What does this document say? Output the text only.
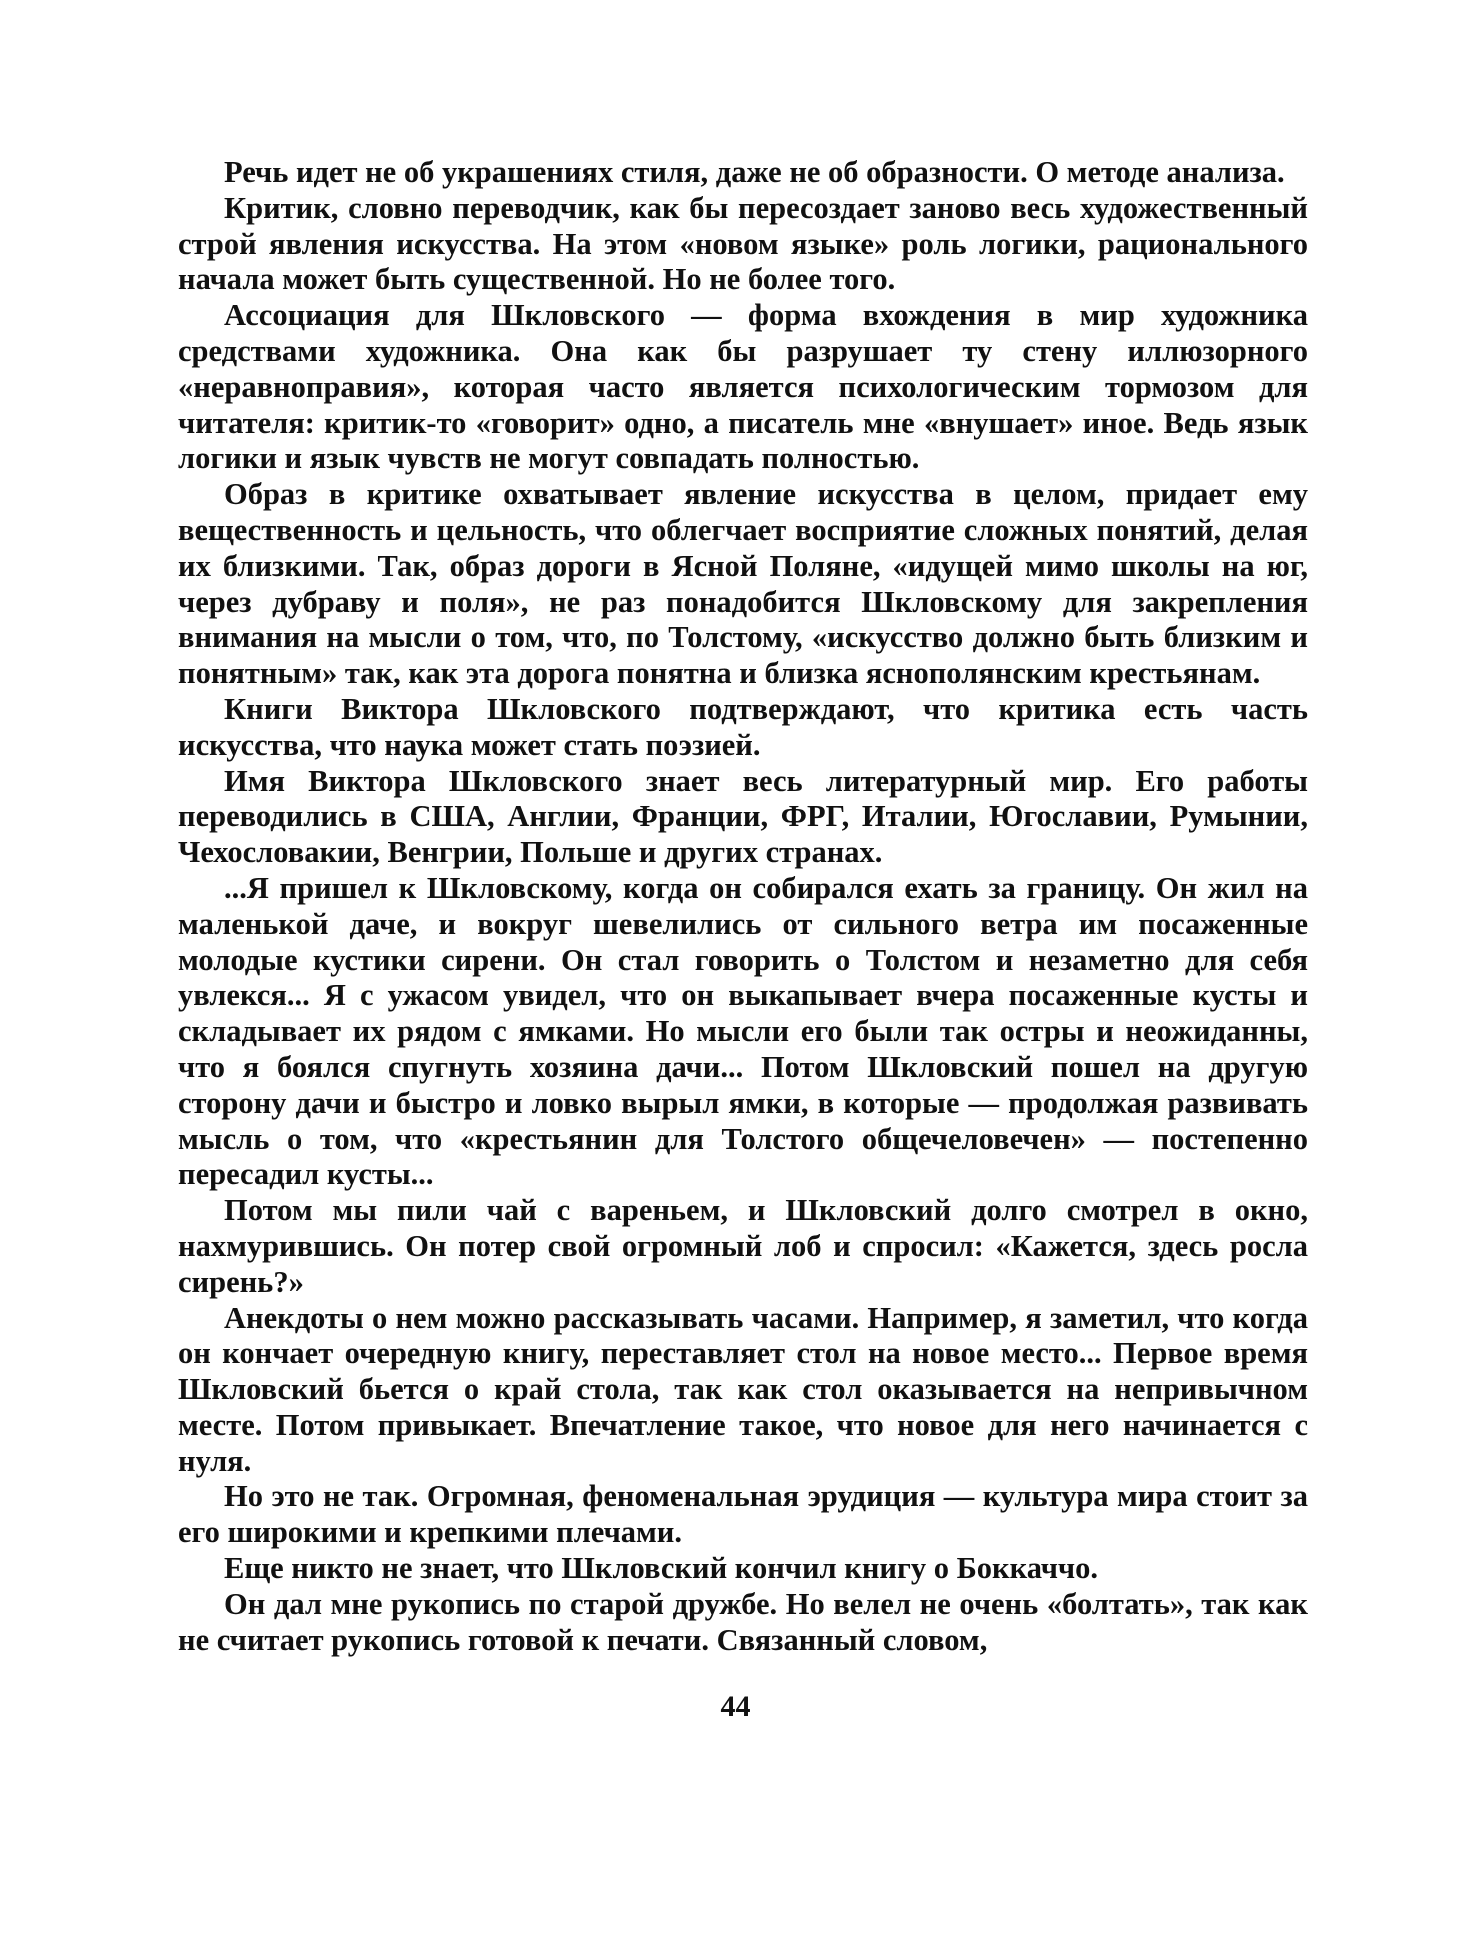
Речь идет не об украшениях стиля, даже не об образности. О методе анализа.

Критик, словно переводчик, как бы пересоздает заново весь художественный строй явления искусства. На этом «новом языке» роль логики, рационального начала может быть существенной. Но не более того.

Ассоциация для Шкловского — форма вхождения в мир художника средствами художника. Она как бы разрушает ту стену иллюзорного «неравноправия», которая часто является психологическим тормозом для читателя: критик-то «говорит» одно, а писатель мне «внушает» иное. Ведь язык логики и язык чувств не могут совпадать полностью.

Образ в критике охватывает явление искусства в целом, придает ему вещественность и цельность, что облегчает восприятие сложных понятий, делая их близкими. Так, образ дороги в Ясной Поляне, «идущей мимо школы на юг, через дубраву и поля», не раз понадобится Шкловскому для закрепления внимания на мысли о том, что, по Толстому, «искусство должно быть близким и понятным» так, как эта дорога понятна и близка яснополянским крестьянам.

Книги Виктора Шкловского подтверждают, что критика есть часть искусства, что наука может стать поэзией.

Имя Виктора Шкловского знает весь литературный мир. Его работы переводились в США, Англии, Франции, ФРГ, Италии, Югославии, Румынии, Чехословакии, Венгрии, Польше и других странах.

...Я пришел к Шкловскому, когда он собирался ехать за границу. Он жил на маленькой даче, и вокруг шевелились от сильного ветра им посаженные молодые кустики сирени. Он стал говорить о Толстом и незаметно для себя увлекся... Я с ужасом увидел, что он выкапывает вчера посаженные кусты и складывает их рядом с ямками. Но мысли его были так остры и неожиданны, что я боялся спугнуть хозяина дачи... Потом Шкловский пошел на другую сторону дачи и быстро и ловко вырыл ямки, в которые — продолжая развивать мысль о том, что «крестьянин для Толстого общечеловечен» — постепенно пересадил кусты...

Потом мы пили чай с вареньем, и Шкловский долго смотрел в окно, нахмурившись. Он потер свой огромный лоб и спросил: «Кажется, здесь росла сирень?»

Анекдоты о нем можно рассказывать часами. Например, я заметил, что когда он кончает очередную книгу, переставляет стол на новое место... Первое время Шкловский бьется о край стола, так как стол оказывается на непривычном месте. Потом привыкает. Впечатление такое, что новое для него начинается с нуля.

Но это не так. Огромная, феноменальная эрудиция — культура мира стоит за его широкими и крепкими плечами.

Еще никто не знает, что Шкловский кончил книгу о Боккаччо.

Он дал мне рукопись по старой дружбе. Но велел не очень «болтать», так как не считает рукопись готовой к печати. Связанный словом,

44
